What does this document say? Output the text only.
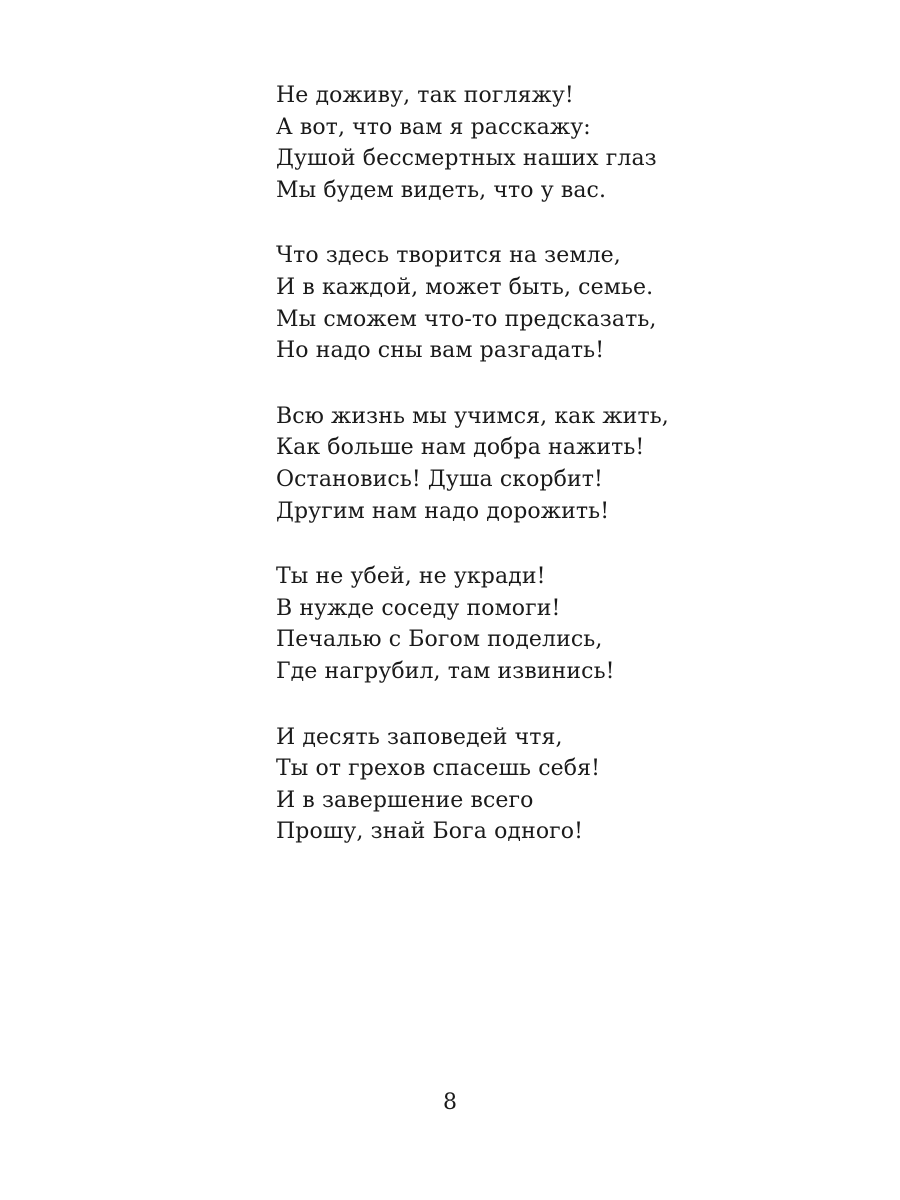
Не доживу, так погляжу!
А вот, что вам я расскажу:
Душой бессмертных наших глаз
Мы будем видеть, что у вас.
Что здесь творится на земле,
И в каждой, может быть, семье.
Мы сможем что-то предсказать,
Но надо сны вам разгадать!
Всю жизнь мы учимся, как жить,
Как больше нам добра нажить!
Остановись! Душа скорбит!
Другим нам надо дорожить!
Ты не убей, не укради!
В нужде соседу помоги!
Печалью с Богом поделись,
Где нагрубил, там извинись!
И десять заповедей чтя,
Ты от грехов спасешь себя!
И в завершение всего
Прошу, знай Бога одного!
8
